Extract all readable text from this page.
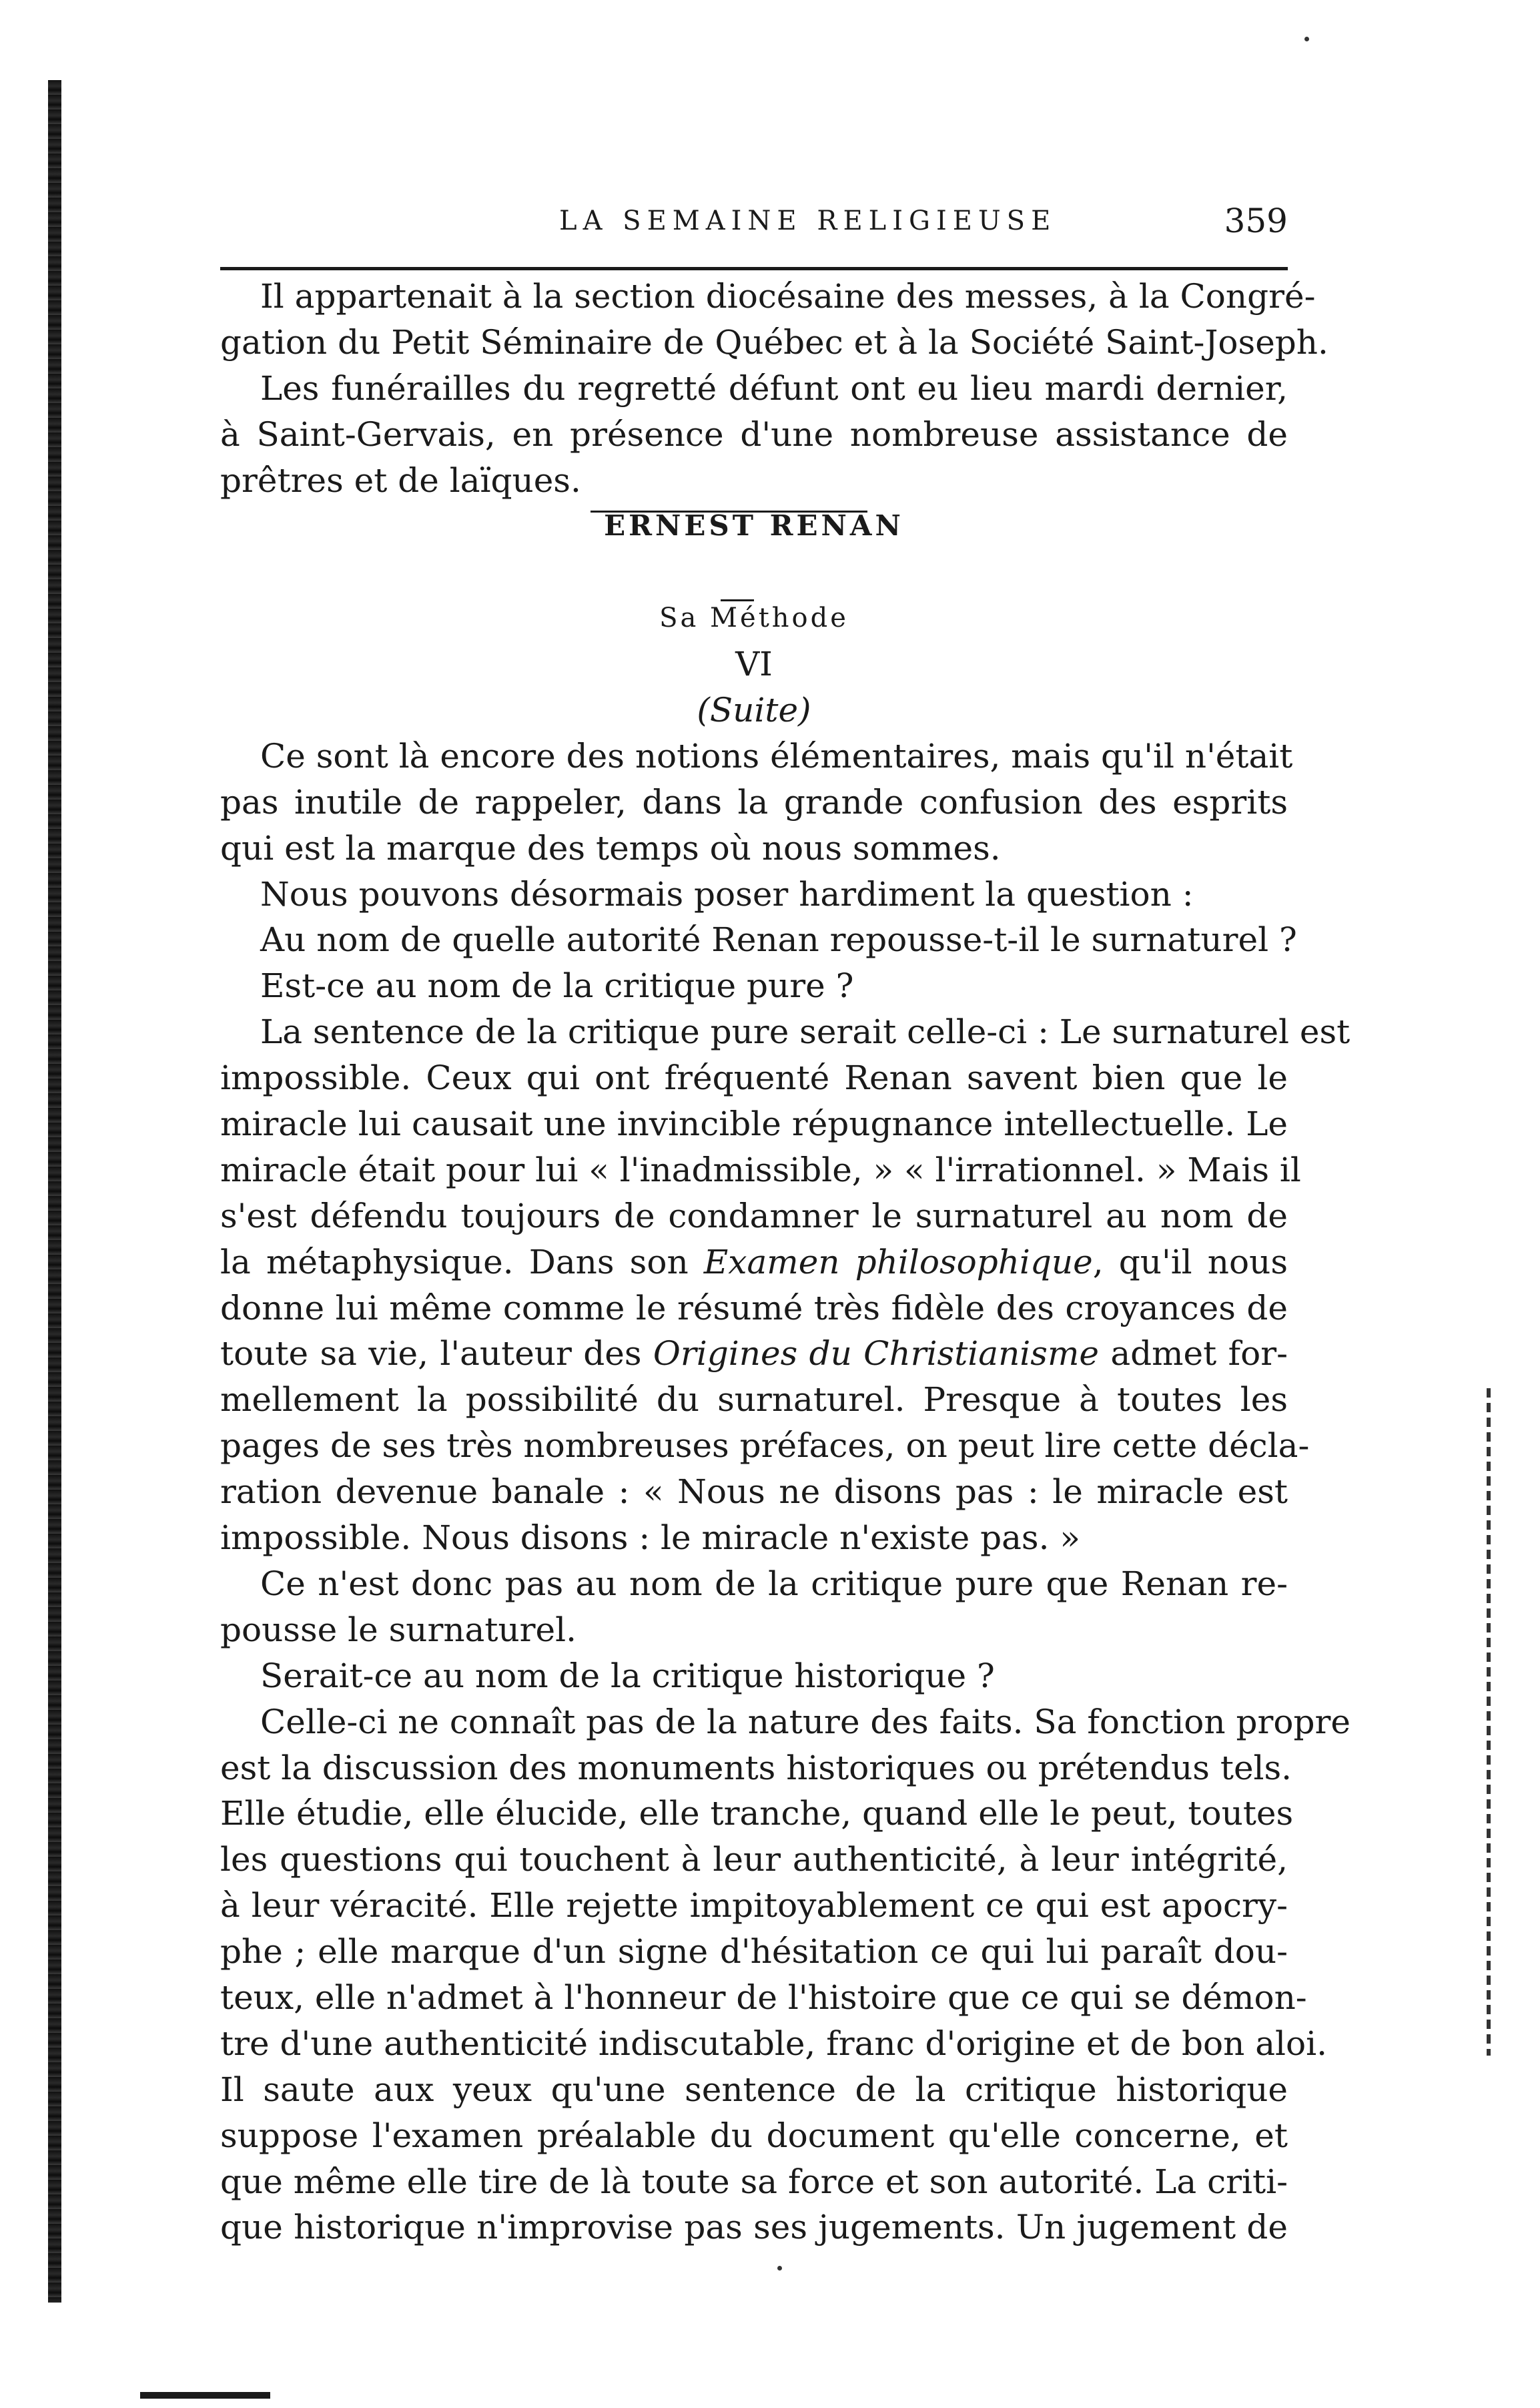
LA SEMAINE RELIGIEUSE	359
Il appartenait à la section diocésaine des messes, à la Congré-
gation du Petit Séminaire de Québec et à la Société Saint-Joseph.
Les funérailles du regretté défunt ont eu lieu mardi dernier,
à Saint-Gervais, en présence d'une nombreuse assistance de
prêtres et de laïques.
ERNEST RENAN
Sa Méthode
VI
(Suite)
Ce sont là encore des notions élémentaires, mais qu'il n'était
pas inutile de rappeler, dans la grande confusion des esprits
qui est la marque des temps où nous sommes.
Nous pouvons désormais poser hardiment la question :
Au nom de quelle autorité Renan repousse-t-il le surnaturel ?
Est-ce au nom de la critique pure ?
La sentence de la critique pure serait celle-ci : Le surnaturel est
impossible. Ceux qui ont fréquenté Renan savent bien que le
miracle lui causait une invincible répugnance intellectuelle. Le
miracle était pour lui « l'inadmissible, » « l'irrationnel. » Mais il
s'est défendu toujours de condamner le surnaturel au nom de
la métaphysique. Dans son Examen philosophique, qu'il nous
donne lui même comme le résumé très fidèle des croyances de
toute sa vie, l'auteur des Origines du Christianisme admet for-
mellement la possibilité du surnaturel. Presque à toutes les
pages de ses très nombreuses préfaces, on peut lire cette décla-
ration devenue banale : « Nous ne disons pas : le miracle est
impossible. Nous disons : le miracle n'existe pas. »
Ce n'est donc pas au nom de la critique pure que Renan re-
pousse le surnaturel.
Serait-ce au nom de la critique historique ?
Celle-ci ne connaît pas de la nature des faits. Sa fonction propre
est la discussion des monuments historiques ou prétendus tels.
Elle étudie, elle élucide, elle tranche, quand elle le peut, toutes
les questions qui touchent à leur authenticité, à leur intégrité,
à leur véracité. Elle rejette impitoyablement ce qui est apocry-
phe ; elle marque d'un signe d'hésitation ce qui lui paraît dou-
teux, elle n'admet à l'honneur de l'histoire que ce qui se démon-
tre d'une authenticité indiscutable, franc d'origine et de bon aloi.
Il saute aux yeux qu'une sentence de la critique historique
suppose l'examen préalable du document qu'elle concerne, et
que même elle tire de là toute sa force et son autorité. La criti-
que historique n'improvise pas ses jugements. Un jugement de
